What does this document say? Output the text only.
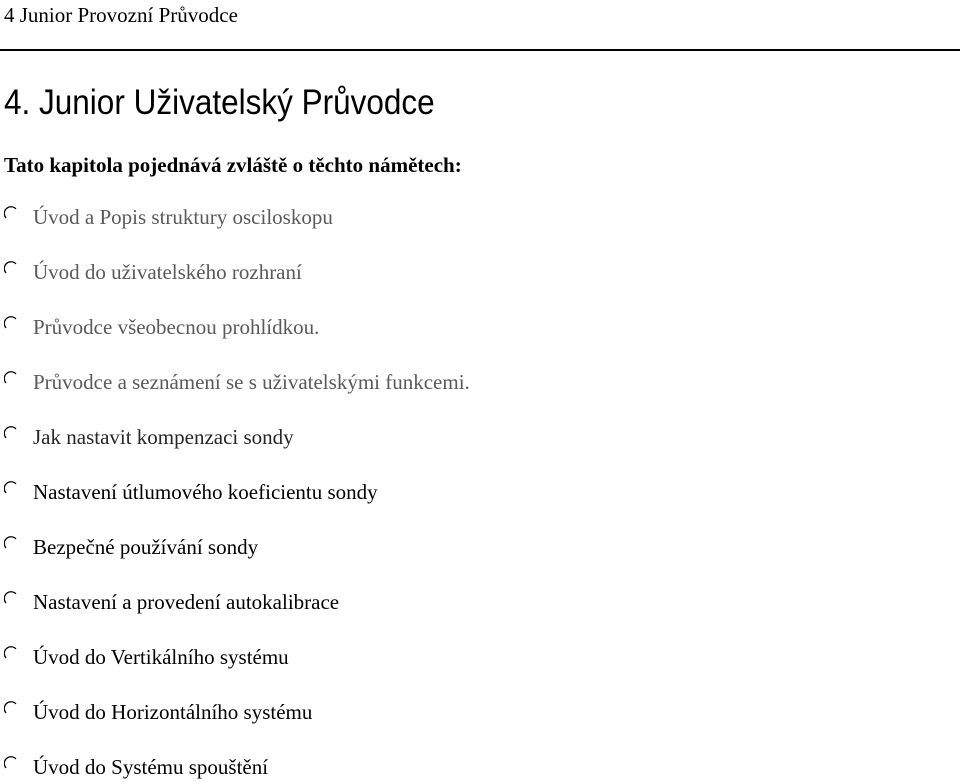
4 Junior Provozní Průvodce
4. Junior Uživatelský Průvodce

Tato kapitola pojednává zvláště o těchto námětech:

Úvod a Popis struktury osciloskopu
Úvod do uživatelského rozhraní
Průvodce všeobecnou prohlídkou.
Průvodce a seznámení se s uživatelskými funkcemi.
Jak nastavit kompenzaci sondy
Nastavení útlumového koeficientu sondy
Bezpečné používání sondy
Nastavení a provedení autokalibrace
Úvod do Vertikálního systému
Úvod do Horizontálního systému
Úvod do Systému spouštění
